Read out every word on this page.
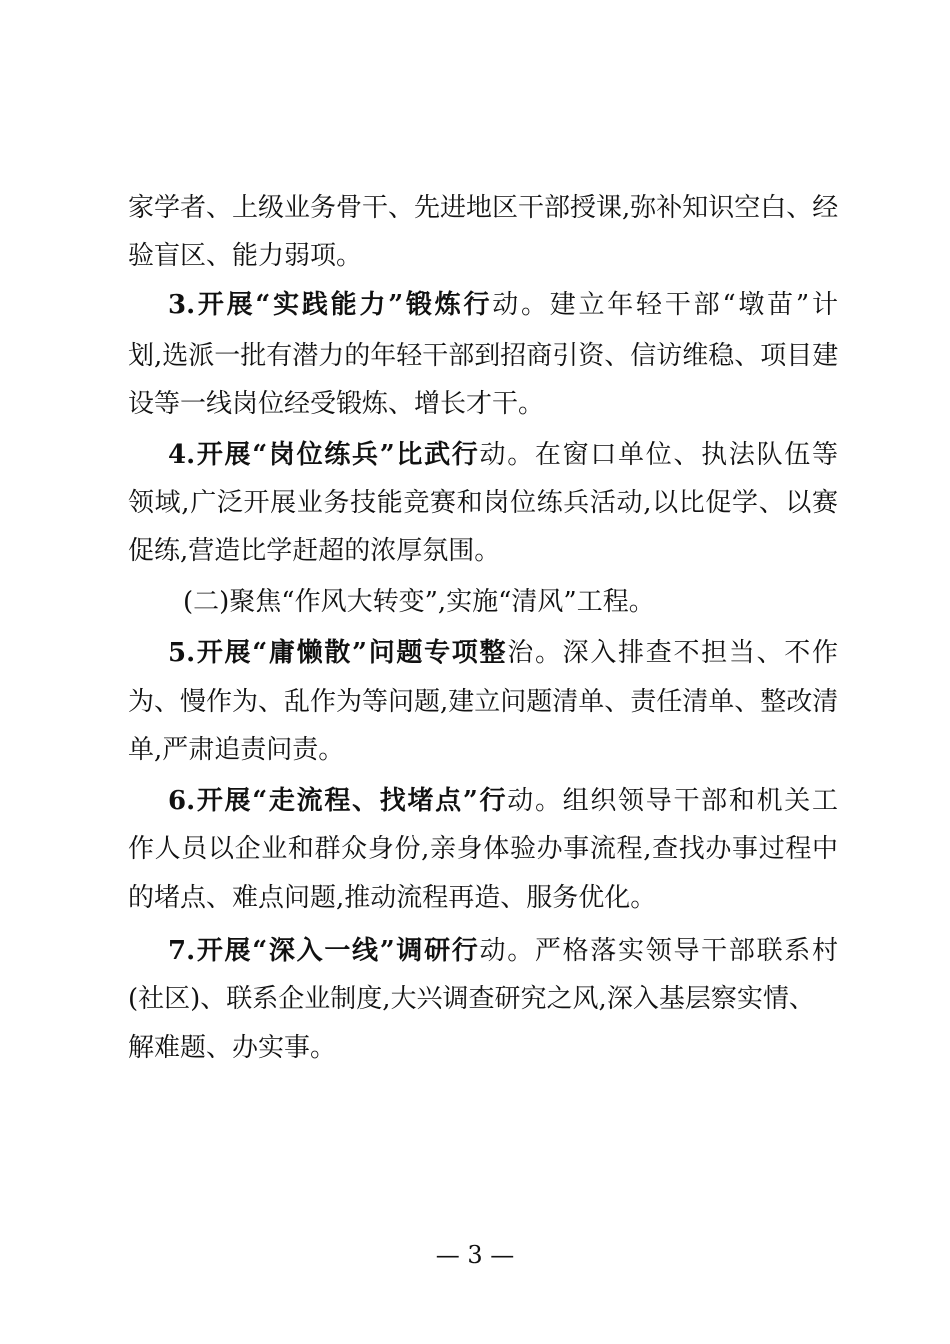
家学者、上级业务骨干、先进地区干部授课,弥补知识空白、经
验盲区、能力弱项。
3.开展“实践能力”锻炼行动。建立年轻干部“墩苗”计
划,选派一批有潜力的年轻干部到招商引资、信访维稳、项目建
设等一线岗位经受锻炼、增长才干。
4.开展“岗位练兵”比武行动。在窗口单位、执法队伍等
领域,广泛开展业务技能竞赛和岗位练兵活动,以比促学、以赛
促练,营造比学赶超的浓厚氛围。
(二)聚焦“作风大转变”,实施“清风”工程。
5.开展“庸懒散”问题专项整治。深入排查不担当、不作
为、慢作为、乱作为等问题,建立问题清单、责任清单、整改清
单,严肃追责问责。
6.开展“走流程、找堵点”行动。组织领导干部和机关工
作人员以企业和群众身份,亲身体验办事流程,查找办事过程中
的堵点、难点问题,推动流程再造、服务优化。
7.开展“深入一线”调研行动。严格落实领导干部联系村
(社区)、联系企业制度,大兴调查研究之风,深入基层察实情、
解难题、办实事。
— 3 —
